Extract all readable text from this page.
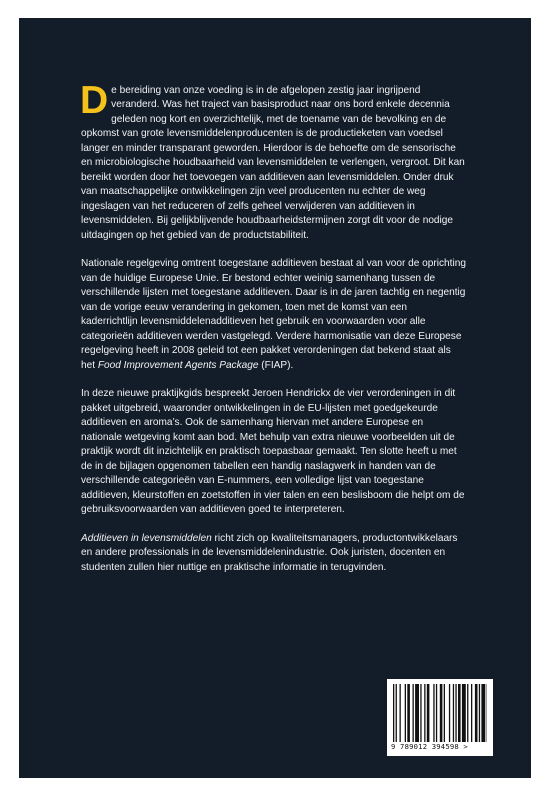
De bereiding van onze voeding is in de afgelopen zestig jaar ingrijpend veranderd. Was het traject van basisproduct naar ons bord enkele decennia geleden nog kort en overzichtelijk, met de toename van de bevolking en de opkomst van grote levensmiddelenproducenten is de productieketen van voedsel langer en minder transparant geworden. Hierdoor is de behoefte om de sensorische en microbiologische houdbaarheid van levensmiddelen te verlengen, vergroot. Dit kan bereikt worden door het toevoegen van additieven aan levensmiddelen. Onder druk van maatschappelijke ontwikkelingen zijn veel producenten nu echter de weg ingeslagen van het reduceren of zelfs geheel verwijderen van additieven in levensmiddelen. Bij gelijkblijvende houdbaarheidstermijnen zorgt dit voor de nodige uitdagingen op het gebied van de productstabiliteit.

Nationale regelgeving omtrent toegestane additieven bestaat al van voor de oprichting van de huidige Europese Unie. Er bestond echter weinig samenhang tussen de verschillende lijsten met toegestane additieven. Daar is in de jaren tachtig en negentig van de vorige eeuw verandering in gekomen, toen met de komst van een kaderrichtlijn levensmiddelenadditieven het gebruik en voorwaarden voor alle categorieën additieven werden vastgelegd. Verdere harmonisatie van deze Europese regelgeving heeft in 2008 geleid tot een pakket verordeningen dat bekend staat als het Food Improvement Agents Package (FIAP).

In deze nieuwe praktijkgids bespreekt Jeroen Hendrickx de vier verordeningen in dit pakket uitgebreid, waaronder ontwikkelingen in de EU-lijsten met goedgekeurde additieven en aroma’s. Ook de samenhang hiervan met andere Europese en nationale wetgeving komt aan bod. Met behulp van extra nieuwe voorbeelden uit de praktijk wordt dit inzichtelijk en praktisch toepasbaar gemaakt. Ten slotte heeft u met de in de bijlagen opgenomen tabellen een handig naslagwerk in handen van de verschillende categorieën van E-nummers, een volledige lijst van toegestane additieven, kleurstoffen en zoetstoffen in vier talen en een beslisboom die helpt om de gebruiksvoorwaarden van additieven goed te interpreteren.

Additieven in levensmiddelen richt zich op kwaliteitsmanagers, productontwikkelaars en andere professionals in de levensmiddelenindustrie. Ook juristen, docenten en studenten zullen hier nuttige en praktische informatie in terugvinden.

9 789012 394598 >
